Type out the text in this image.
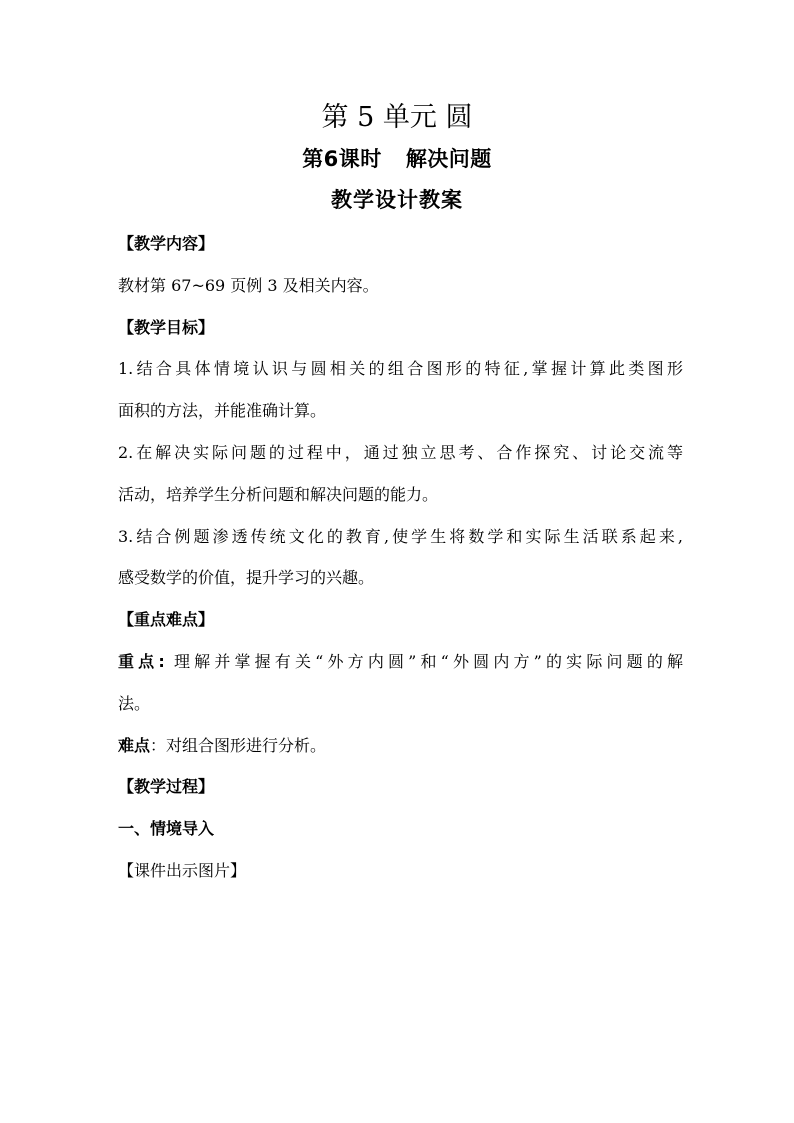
第 5 单元 圆
第6课时 解决问题
教学设计教案
【教学内容】
教材第 67~69 页例 3 及相关内容。
【教学目标】
1.结合具体情境认识与圆相关的组合图形的特征,掌握计算此类图形
面积的方法，并能准确计算。
2.在解决实际问题的过程中，通过独立思考、合作探究、讨论交流等
活动，培养学生分析问题和解决问题的能力。
3.结合例题渗透传统文化的教育,使学生将数学和实际生活联系起来,
感受数学的价值，提升学习的兴趣。
【重点难点】
重点: 理解并掌握有关“外方内圆”和“外圆内方”的实际问题的解
法。
难点：对组合图形进行分析。
【教学过程】
一、情境导入
【课件出示图片】
